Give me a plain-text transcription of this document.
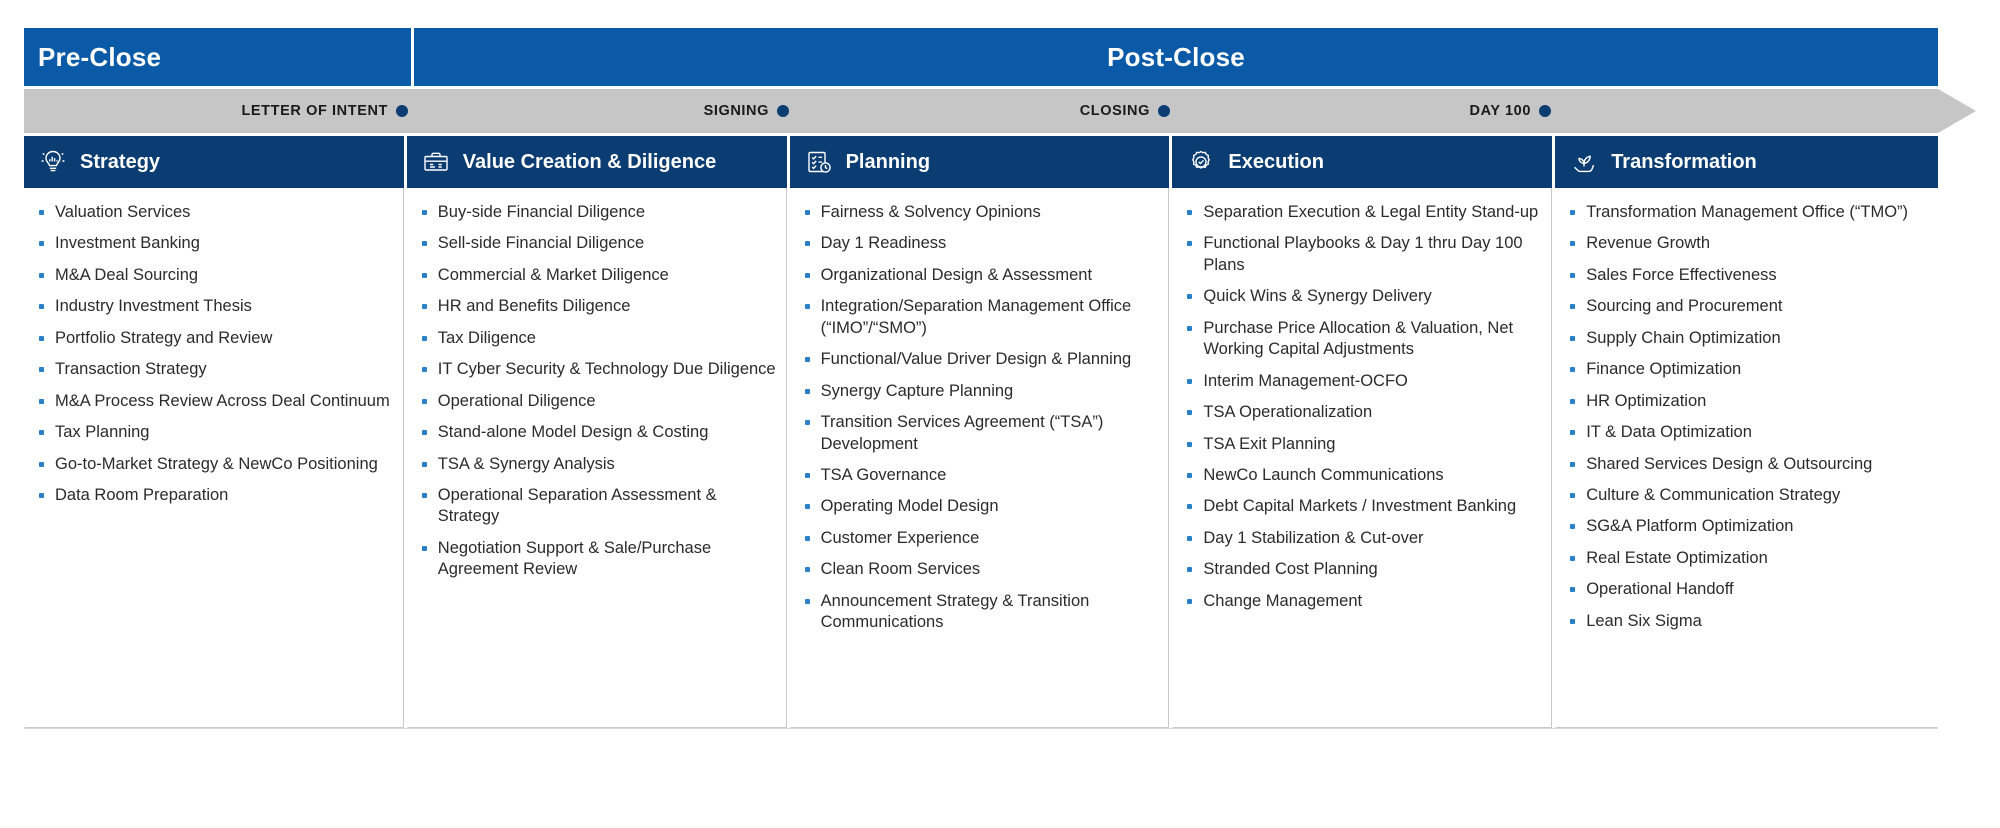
Pre-Close	Post-Close
LETTER OF INTENT	SIGNING	CLOSING	DAY 100
Strategy
Valuation Services
Investment Banking
M&A Deal Sourcing
Industry Investment Thesis
Portfolio Strategy and Review
Transaction Strategy
M&A Process Review Across Deal Continuum
Tax Planning
Go-to-Market Strategy & NewCo Positioning
Data Room Preparation
Value Creation & Diligence
Buy-side Financial Diligence
Sell-side Financial Diligence
Commercial & Market Diligence
HR and Benefits Diligence
Tax Diligence
IT Cyber Security & Technology Due Diligence
Operational Diligence
Stand-alone Model Design & Costing
TSA & Synergy Analysis
Operational Separation Assessment & Strategy
Negotiation Support & Sale/Purchase Agreement Review
Planning
Fairness & Solvency Opinions
Day 1 Readiness
Organizational Design & Assessment
Integration/Separation Management Office (“IMO”/“SMO”)
Functional/Value Driver Design & Planning
Synergy Capture Planning
Transition Services Agreement (“TSA”) Development
TSA Governance
Operating Model Design
Customer Experience
Clean Room Services
Announcement Strategy & Transition Communications
Execution
Separation Execution & Legal Entity Stand-up
Functional Playbooks & Day 1 thru Day 100 Plans
Quick Wins & Synergy Delivery
Purchase Price Allocation & Valuation, Net Working Capital Adjustments
Interim Management-OCFO
TSA Operationalization
TSA Exit Planning
NewCo Launch Communications
Debt Capital Markets / Investment Banking
Day 1 Stabilization & Cut-over
Stranded Cost Planning
Change Management
Transformation
Transformation Management Office (“TMO”)
Revenue Growth
Sales Force Effectiveness
Sourcing and Procurement
Supply Chain Optimization
Finance Optimization
HR Optimization
IT & Data Optimization
Shared Services Design & Outsourcing
Culture & Communication Strategy
SG&A Platform Optimization
Real Estate Optimization
Operational Handoff
Lean Six Sigma
